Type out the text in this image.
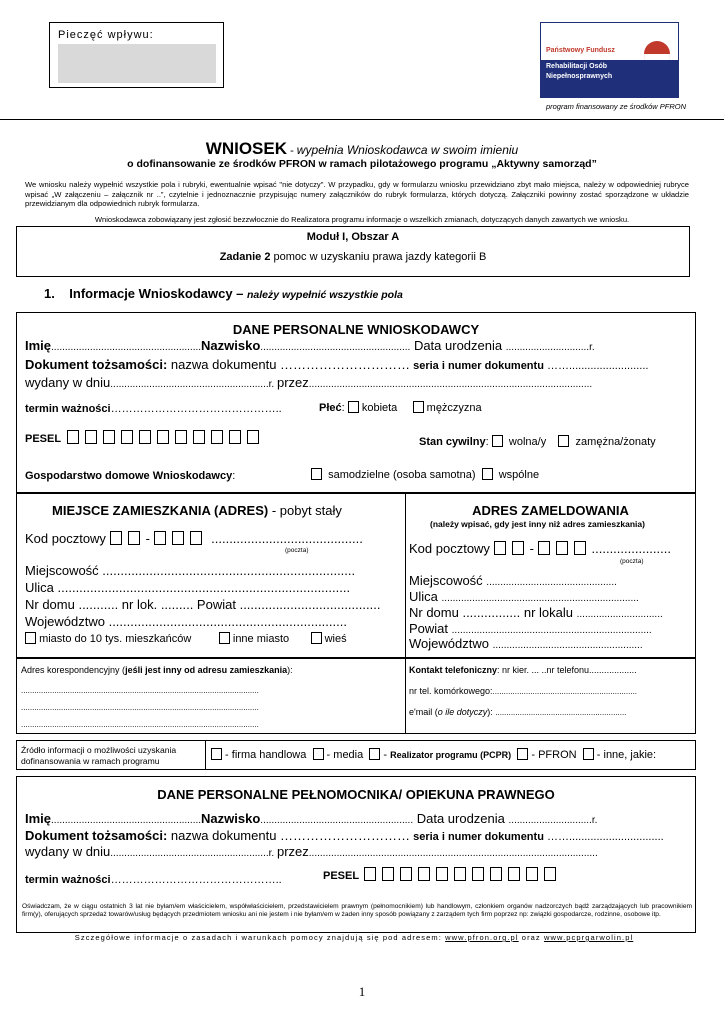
Pieczęć wpływu:
Państwowy Fundusz
Rehabilitacji Osób
Niepełnosprawnych
program finansowany ze środków PFRON
WNIOSEK - wypełnia Wnioskodawca w swoim imieniu
o dofinansowanie ze środków PFRON w ramach pilotażowego programu „Aktywny samorząd”
We wniosku należy wypełnić wszystkie pola i rubryki, ewentualnie wpisać "nie dotyczy". W przypadku, gdy w formularzu wniosku przewidziano zbyt mało miejsca, należy w odpowiedniej rubryce wpisać „W załączeniu – załącznik nr ..”, czytelnie i jednoznacznie przypisując numery załączników do rubryk formularza, których dotyczą. Załączniki powinny zostać sporządzone w układzie przewidzianym dla odpowiednich rubryk formularza.
Wnioskodawca zobowiązany jest zgłosić bezzwłocznie do Realizatora programu informacje o wszelkich zmianach, dotyczących danych zawartych we wniosku.
Moduł I, Obszar A
Zadanie 2 pomoc w uzyskaniu prawa jazdy kategorii B
1. Informacje Wnioskodawcy – należy wypełnić wszystkie pola
DANE PERSONALNE WNIOSKODAWCY
Imię......................................................Nazwisko...................................................... Data urodzenia ..............................r.
Dokument tożsamości: nazwa dokumentu ………………………… seria i numer dokumentu ……..........................
wydany w dniu.........................................................r. przez......................................................................................................
termin ważności………………………………………..	Płeć:  kobieta	mężczyzna
PESEL	Stan cywilny:   wolna/y	zamężna/żonaty
Gospodarstwo domowe Wnioskodawcy:	samodzielne (osoba samotna) wspólne
MIEJSCE ZAMIESZKANIA (ADRES) - pobyt stały
Kod pocztowy	-	..........................................
(poczta)
Miejscowość ......................................................................
Ulica .................................................................................
Nr domu ........... nr lok. ......... Powiat .......................................
Województwo ..................................................................
miasto do 10 tys. mieszkańców	inne miasto	wieś
ADRES ZAMELDOWANIA
(należy wpisać, gdy jest inny niż adres zamieszkania)
Kod pocztowy	-	......................
(poczta)
Miejscowość ...............................................
Ulica .......................................................................
Nr domu ................ nr lokalu ...............................
Powiat ........................................................................
Województwo ......................................................
Adres korespondencyjny (jeśli jest inny od adresu zamieszkania):
...........................................................................................................
...........................................................................................................
...........................................................................................................
Kontakt telefoniczny: nr kier. ... ..nr telefonu...................
nr tel. komórkowego:.................................................................
e'mail (o ile dotyczy): ...........................................................
Źródło informacji o możliwości uzyskania dofinansowania w ramach programu	- firma handlowa   - media   - Realizator programu (PCPR)   - PFRON   - inne, jakie:
DANE PERSONALNE PEŁNOMOCNIKA/ OPIEKUNA PRAWNEGO
Imię......................................................Nazwisko....................................................... Data urodzenia ..............................r.
Dokument tożsamości: nazwa dokumentu ………………………… seria i numer dokumentu ……...............................
wydany w dniu.........................................................r. przez........................................................................................................
termin ważności………………………………………..	PESEL
Oświadczam, że w ciągu ostatnich 3 lat nie byłam/em właścicielem, współwłaścicielem, przedstawicielem prawnym (pełnomocnikiem) lub handlowym, członkiem organów nadzorczych bądź zarządzających lub pracownikiem firm(y), oferujących sprzedaż towarów/usług będących przedmiotem wniosku ani nie jestem i nie byłam/em w żaden inny sposób powiązany z zarządem tych firm poprzez np: związki gospodarcze, rodzinne, osobowe itp.
Szczegółowe informacje o zasadach i warunkach pomocy znajdują się pod adresem: www.pfron.org.pl oraz www.pcprgarwolin.pl
1
